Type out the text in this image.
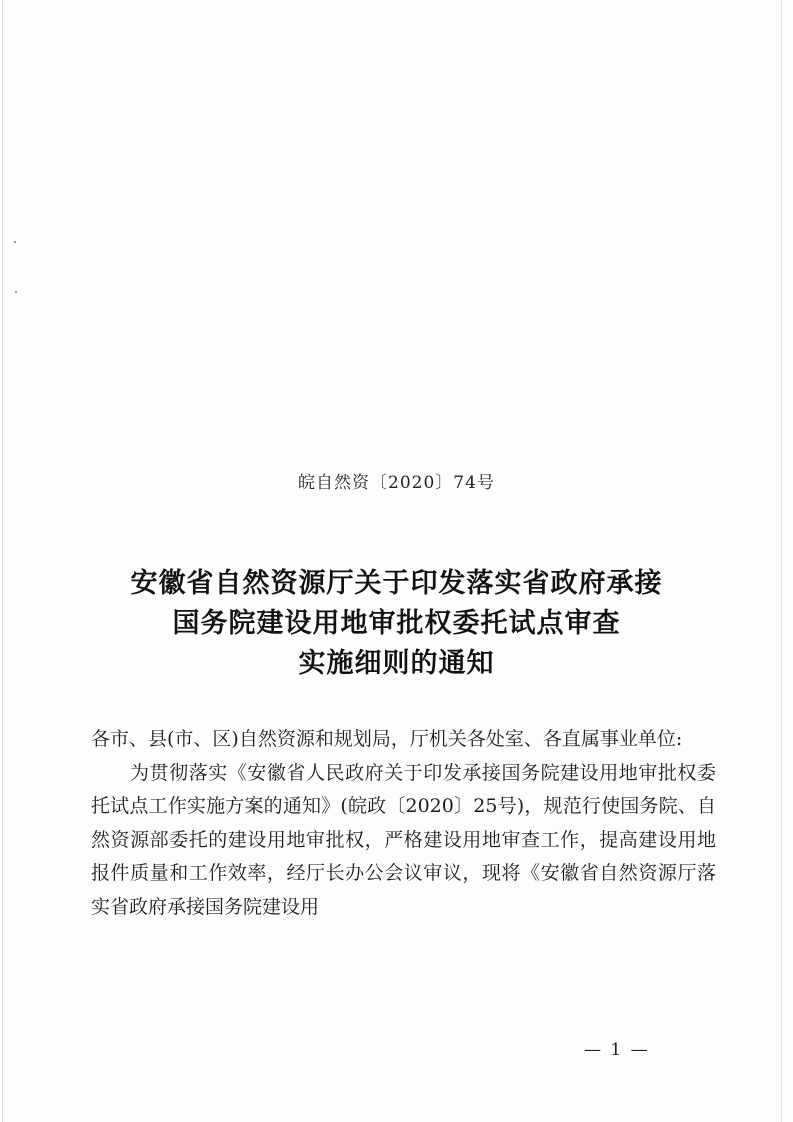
皖自然资〔2020〕74号
安徽省自然资源厅关于印发落实省政府承接
国务院建设用地审批权委托试点审查
实施细则的通知

各市、县(市、区)自然资源和规划局，厅机关各处室、各直属事业单位:

为贯彻落实《安徽省人民政府关于印发承接国务院建设用地审批权委托试点工作实施方案的通知》(皖政〔2020〕25号)，规范行使国务院、自然资源部委托的建设用地审批权，严格建设用地审查工作，提高建设用地报件质量和工作效率，经厅长办公会议审议，现将《安徽省自然资源厅落实省政府承接国务院建设用

— 1 —
